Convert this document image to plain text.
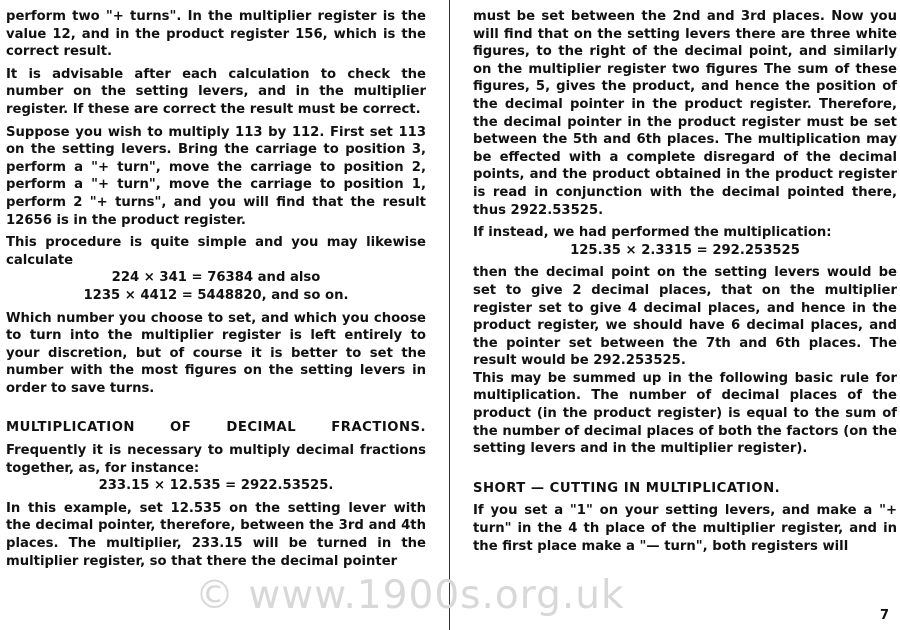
perform two "+ turns". In the multiplier register is the value 12, and in the product register 156, which is the correct result.

It is advisable after each calculation to check the number on the setting levers, and in the multiplier register. If these are correct the result must be correct.

Suppose you wish to multiply 113 by 112. First set 113 on the setting levers. Bring the carriage to position 3, perform a "+ turn", move the carriage to position 2, perform a "+ turn", move the carriage to position 1, perform 2 "+ turns", and you will find that the result 12656 is in the product register.

This procedure is quite simple and you may likewise calculate

224 × 341 = 76384 and also

1235 × 4412 = 5448820, and so on.

Which number you choose to set, and which you choose to turn into the multiplier register is left entirely to your discretion, but of course it is better to set the number with the most figures on the setting levers in order to save turns.

MULTIPLICATION	OF	DECIMAL	FRACTIONS.

Frequently it is necessary to multiply decimal fractions together, as, for instance:

233.15 × 12.535 = 2922.53525.

In this example, set 12.535 on the setting lever with the decimal pointer, therefore, between the 3rd and 4th places. The multiplier, 233.15 will be turned in the multiplier register, so that there the decimal pointer

must be set between the 2nd and 3rd places. Now you will find that on the setting levers there are three white figures, to the right of the decimal point, and similarly on the multiplier register two figures The sum of these figures, 5, gives the product, and hence the position of the decimal pointer in the product register. Therefore, the decimal pointer in the product register must be set between the 5th and 6th places. The multiplication may be effected with a complete disregard of the decimal points, and the product obtained in the product register is read in conjunction with the decimal pointed there, thus 2922.53525.

If instead, we had performed the multiplication:

125.35 × 2.3315 = 292.253525

then the decimal point on the setting levers would be set to give 2 decimal places, that on the multiplier register set to give 4 decimal places, and hence in the product register, we should have 6 decimal places, and the pointer set between the 7th and 6th places. The result would be 292.253525.

This may be summed up in the following basic rule for multiplication. The number of decimal places of the product (in the product register) is equal to the sum of the number of decimal places of both the factors (on the setting levers and in the multiplier register).

SHORT — CUTTING IN MULTIPLICATION.

If you set a "1" on your setting levers, and make a "+ turn" in the 4 th place of the multiplier register, and in the first place make a "— turn", both registers will

© www.1900s.org.uk	7
